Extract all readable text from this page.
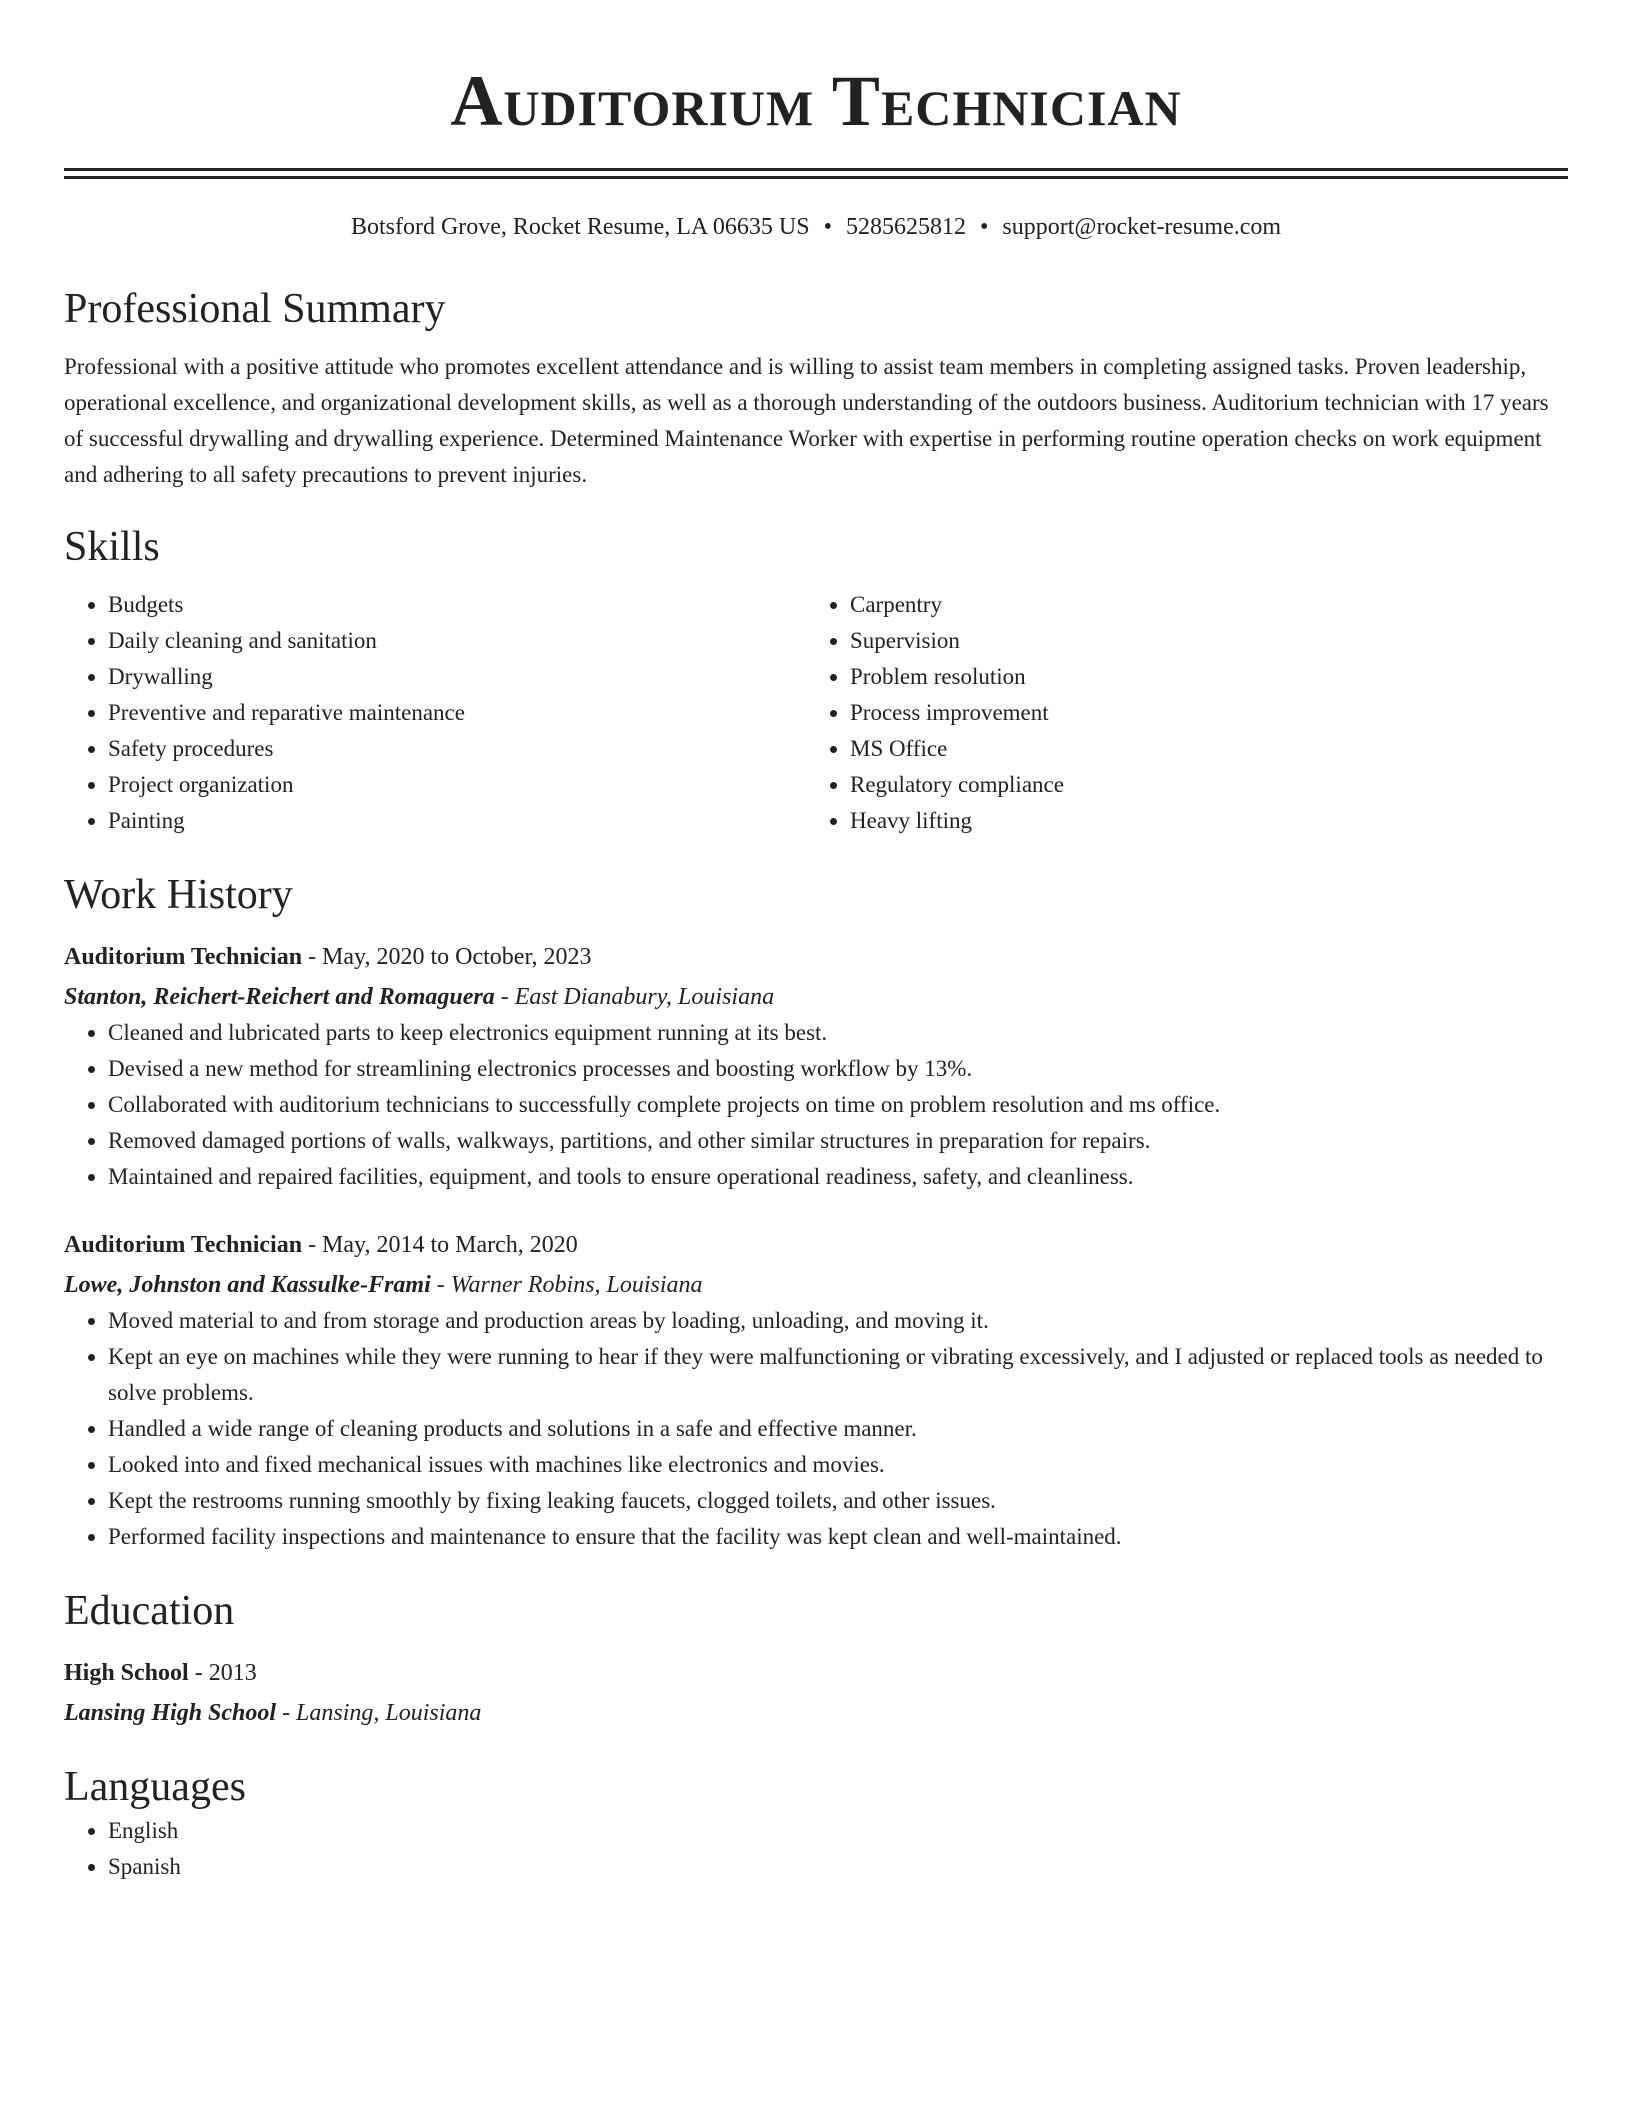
Auditorium Technician
Botsford Grove, Rocket Resume, LA 06635 US • 5285625812 • support@rocket-resume.com
Professional Summary
Professional with a positive attitude who promotes excellent attendance and is willing to assist team members in completing assigned tasks. Proven leadership, operational excellence, and organizational development skills, as well as a thorough understanding of the outdoors business. Auditorium technician with 17 years of successful drywalling and drywalling experience. Determined Maintenance Worker with expertise in performing routine operation checks on work equipment and adhering to all safety precautions to prevent injuries.
Skills
• Budgets
• Daily cleaning and sanitation
• Drywalling
• Preventive and reparative maintenance
• Safety procedures
• Project organization
• Painting
• Carpentry
• Supervision
• Problem resolution
• Process improvement
• MS Office
• Regulatory compliance
• Heavy lifting
Work History
Auditorium Technician - May, 2020 to October, 2023
Stanton, Reichert-Reichert and Romaguera - East Dianabury, Louisiana
• Cleaned and lubricated parts to keep electronics equipment running at its best.
• Devised a new method for streamlining electronics processes and boosting workflow by 13%.
• Collaborated with auditorium technicians to successfully complete projects on time on problem resolution and ms office.
• Removed damaged portions of walls, walkways, partitions, and other similar structures in preparation for repairs.
• Maintained and repaired facilities, equipment, and tools to ensure operational readiness, safety, and cleanliness.
Auditorium Technician - May, 2014 to March, 2020
Lowe, Johnston and Kassulke-Frami - Warner Robins, Louisiana
• Moved material to and from storage and production areas by loading, unloading, and moving it.
• Kept an eye on machines while they were running to hear if they were malfunctioning or vibrating excessively, and I adjusted or replaced tools as needed to solve problems.
• Handled a wide range of cleaning products and solutions in a safe and effective manner.
• Looked into and fixed mechanical issues with machines like electronics and movies.
• Kept the restrooms running smoothly by fixing leaking faucets, clogged toilets, and other issues.
• Performed facility inspections and maintenance to ensure that the facility was kept clean and well-maintained.
Education
High School - 2013
Lansing High School - Lansing, Louisiana
Languages
• English
• Spanish
